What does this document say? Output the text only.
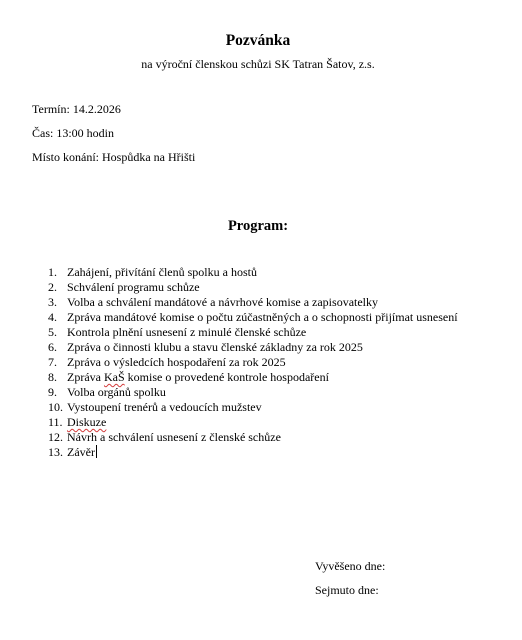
Pozvánka
na výroční členskou schůzi SK Tatran Šatov, z.s.
Termín: 14.2.2026
Čas: 13:00 hodin
Místo konání: Hospůdka na Hřišti
Program:
1. Zahájení, přivítání členů spolku a hostů
2. Schválení programu schůze
3. Volba a schválení mandátové a návrhové komise a zapisovatelky
4. Zpráva mandátové komise o počtu zúčastněných a o schopnosti přijímat usnesení
5. Kontrola plnění usnesení z minulé členské schůze
6. Zpráva o činnosti klubu a stavu členské základny za rok 2025
7. Zpráva o výsledcích hospodaření za rok 2025
8. Zpráva KaŠ komise o provedené kontrole hospodaření
9. Volba orgánů spolku
10. Vystoupení trenérů a vedoucích mužstev
11. Diskuze
12. Návrh a schválení usnesení z členské schůze
13. Závěr
Vyvěšeno dne:
Sejmuto dne:
